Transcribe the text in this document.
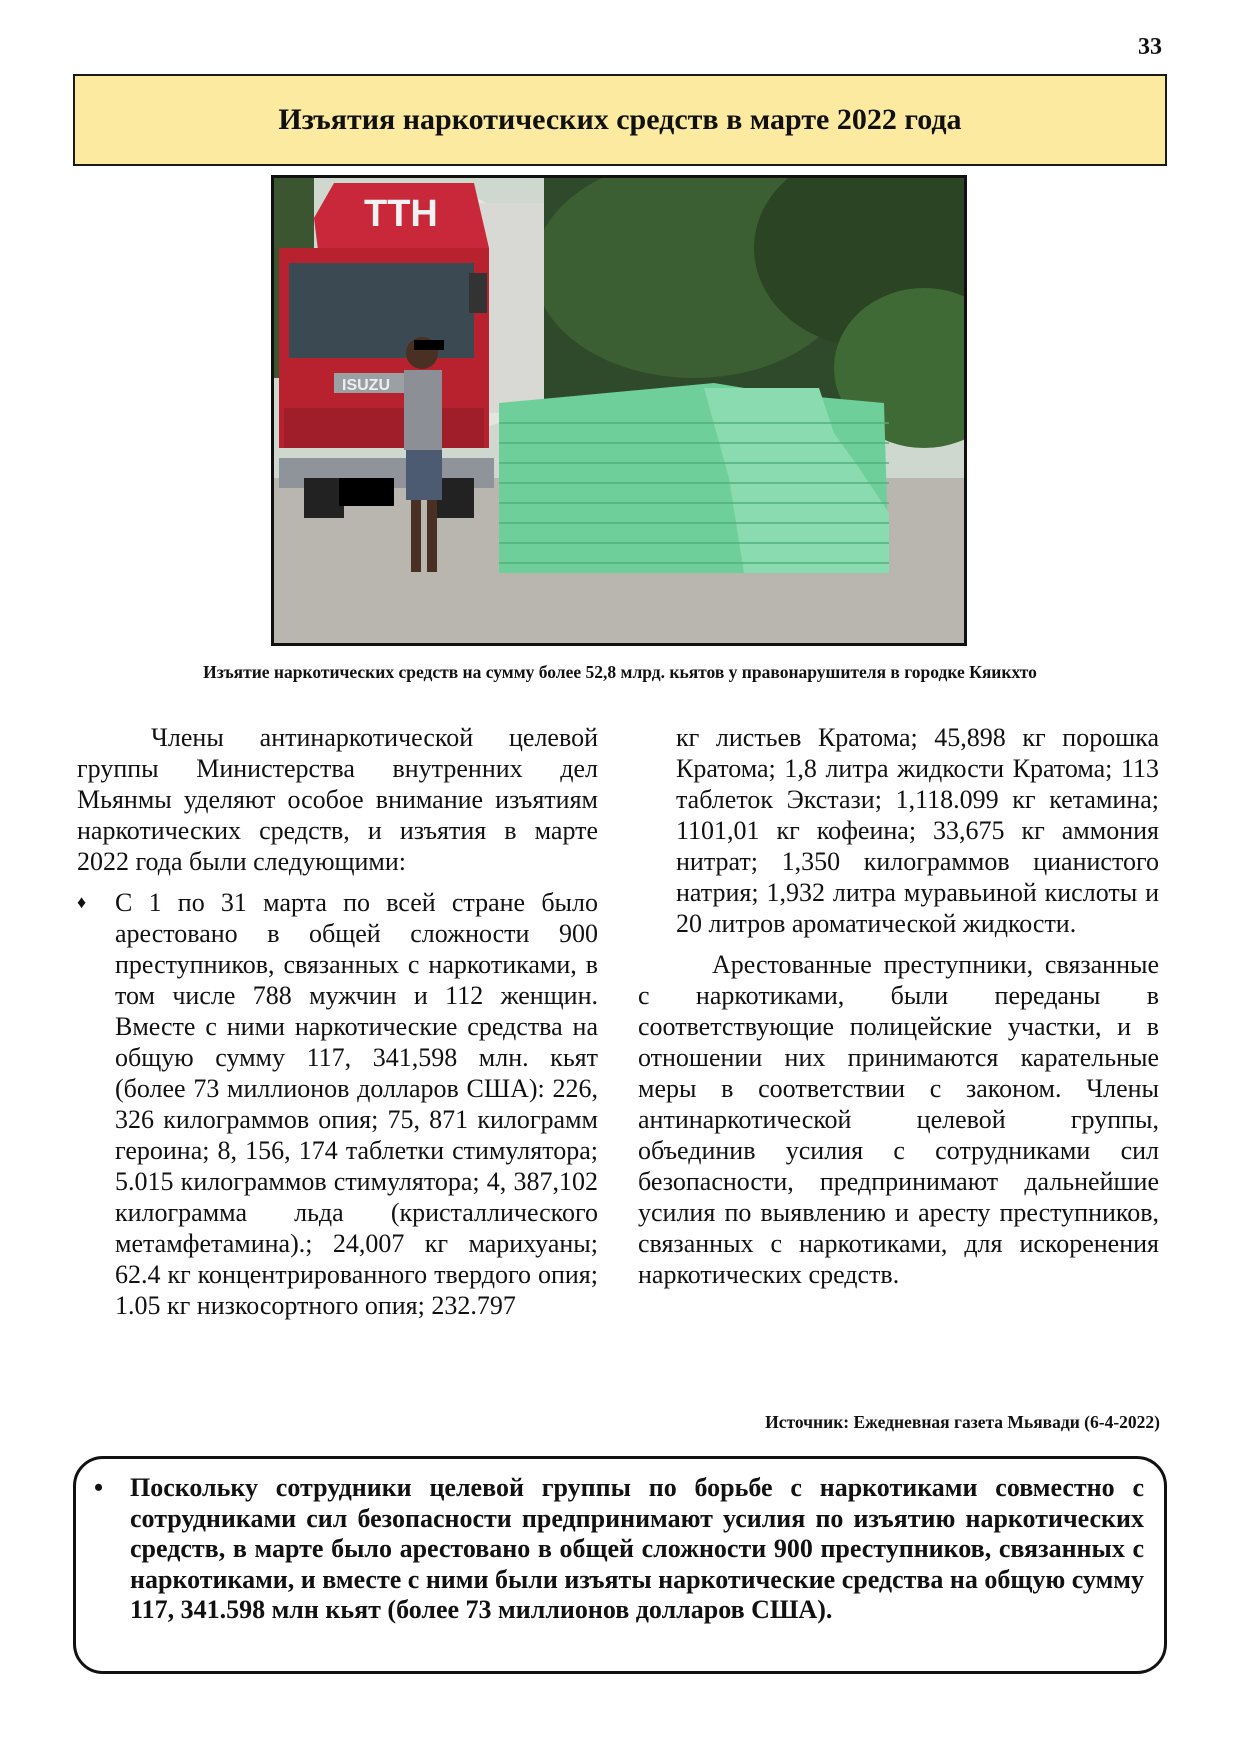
33
Изъятия наркотических средств в марте 2022 года
TTH
ISUZU
Изъятие наркотических средств на сумму более 52,8 млрд. кьятов у правонарушителя в городке Кяикхто

Члены антинаркотической целевой группы Министерства внутренних дел Мьянмы уделяют особое внимание изъятиям наркотических средств, и изъятия в марте 2022 года были следующими:

♦ С 1 по 31 марта по всей стране было арестовано в общей сложности 900 преступников, связанных с наркотиками, в том числе 788 мужчин и 112 женщин. Вместе с ними наркотические средства на общую сумму 117, 341,598 млн. кьят (более 73 миллионов долларов США): 226, 326 килограммов опия; 75, 871 килограмм героина; 8, 156, 174 таблетки стимулятора; 5.015 килограммов стимулятора; 4, 387,102 килограмма льда (кристаллического метамфетамина).; 24,007 кг марихуаны; 62.4 кг концентрированного твердого опия; 1.05 кг низкосортного опия; 232.797

кг листьев Кратома; 45,898 кг порошка Кратома; 1,8 литра жидкости Кратома; 113 таблеток Экстази; 1,118.099 кг кетамина; 1101,01 кг кофеина; 33,675 кг аммония нитрат; 1,350 килограммов цианистого натрия; 1,932 литра муравьиной кислоты и 20 литров ароматической жидкости.

Арестованные преступники, связанные с наркотиками, были переданы в соответствующие полицейские участки, и в отношении них принимаются карательные меры в соответствии с законом. Члены антинаркотической целевой группы, объединив усилия с сотрудниками сил безопасности, предпринимают дальнейшие усилия по выявлению и аресту преступников, связанных с наркотиками, для искоренения наркотических средств.

Источник: Ежедневная газета Мьявади (6-4-2022)
• Поскольку сотрудники целевой группы по борьбе с наркотиками совместно с сотрудниками сил безопасности предпринимают усилия по изъятию наркотических средств, в марте было арестовано в общей сложности 900 преступников, связанных с наркотиками, и вместе с ними были изъяты наркотические средства на общую сумму 117, 341.598 млн кьят (более 73 миллионов долларов США).
